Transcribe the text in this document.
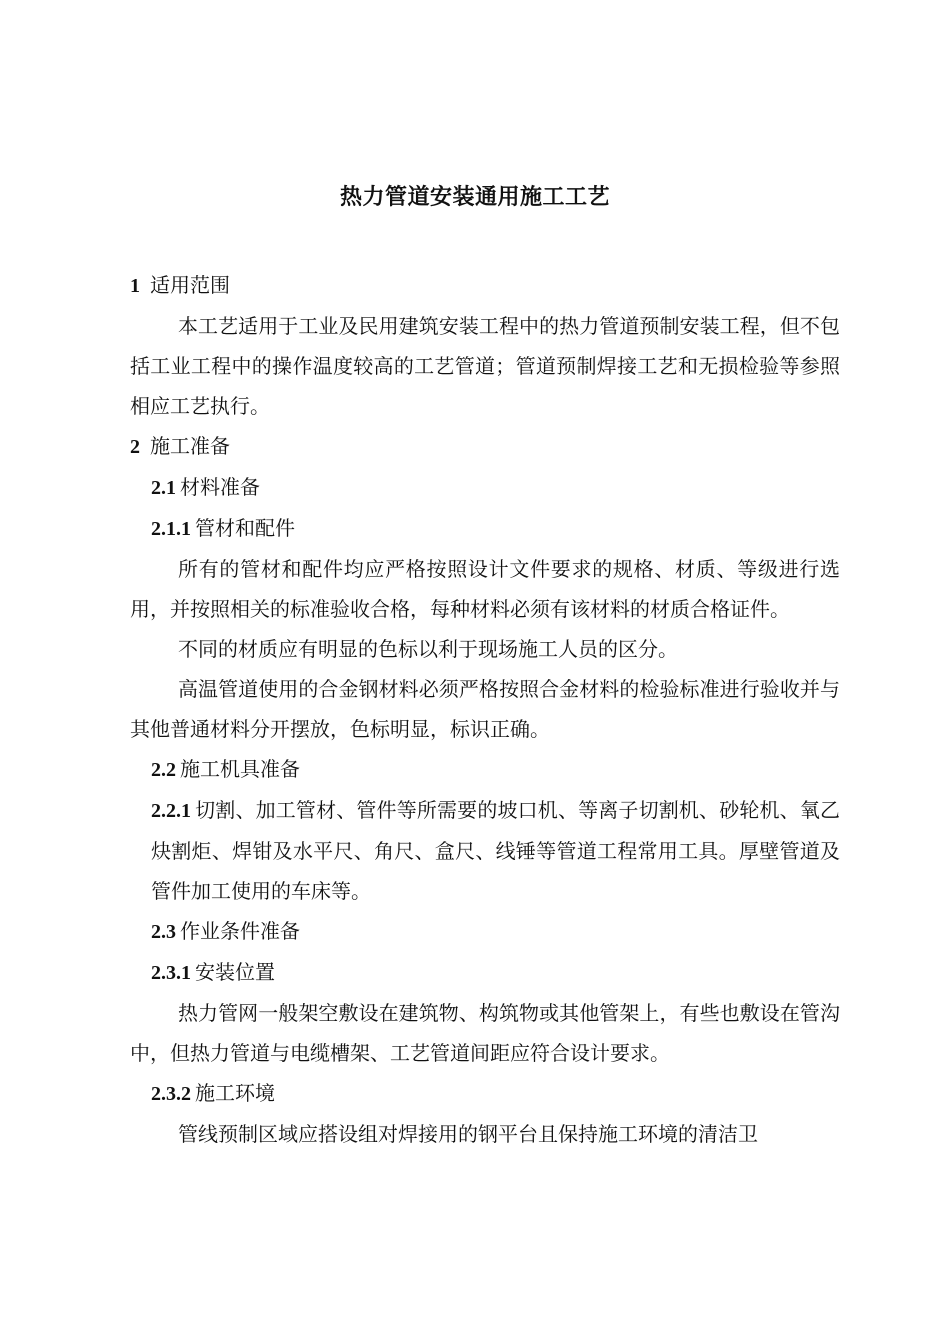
热力管道安装通用施工工艺

1 适用范围

本工艺适用于工业及民用建筑安装工程中的热力管道预制安装工程，但不包括工业工程中的操作温度较高的工艺管道；管道预制焊接工艺和无损检验等参照相应工艺执行。

2 施工准备

2.1 材料准备

2.1.1 管材和配件

所有的管材和配件均应严格按照设计文件要求的规格、材质、等级进行选用，并按照相关的标准验收合格，每种材料必须有该材料的材质合格证件。

不同的材质应有明显的色标以利于现场施工人员的区分。

高温管道使用的合金钢材料必须严格按照合金材料的检验标准进行验收并与其他普通材料分开摆放，色标明显，标识正确。

2.2 施工机具准备

2.2.1 切割、加工管材、管件等所需要的坡口机、等离子切割机、砂轮机、氧乙炔割炬、焊钳及水平尺、角尺、盒尺、线锤等管道工程常用工具。厚壁管道及管件加工使用的车床等。

2.3 作业条件准备

2.3.1 安装位置

热力管网一般架空敷设在建筑物、构筑物或其他管架上，有些也敷设在管沟中，但热力管道与电缆槽架、工艺管道间距应符合设计要求。

2.3.2 施工环境

管线预制区域应搭设组对焊接用的钢平台且保持施工环境的清洁卫
